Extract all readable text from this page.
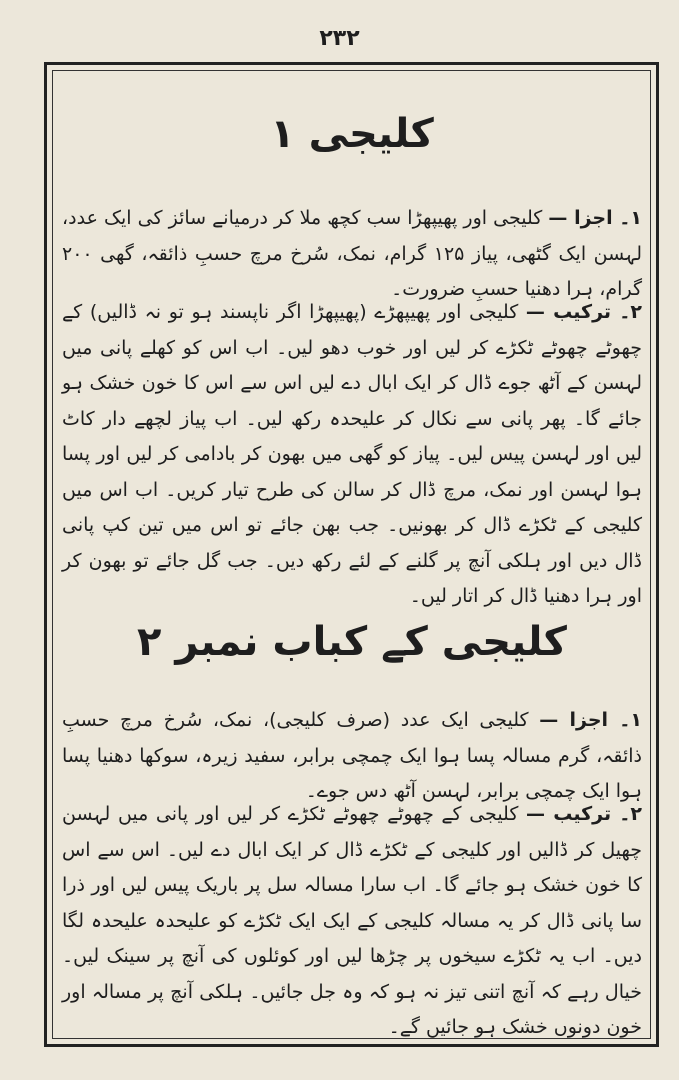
۲۳۲
کلیجی ۱

۱۔ اجزا — کلیجی اور پھیپھڑا سب کچھ ملا کر درمیانے سائز کی ایک عدد، لہسن ایک گٹھی، پیاز ۱۲۵ گرام، نمک، سُرخ مرچ حسبِ ذائقہ، گھی ۲۰۰ گرام، ہرا دھنیا حسبِ ضرورت۔

۲۔ ترکیب — کلیجی اور پھیپھڑے (پھیپھڑا اگر ناپسند ہو تو نہ ڈالیں) کے چھوٹے چھوٹے ٹکڑے کر لیں اور خوب دھو لیں۔ اب اس کو کھلے پانی میں لہسن کے آٹھ جوے ڈال کر ایک ابال دے لیں اس سے اس کا خون خشک ہو جائے گا۔ پھر پانی سے نکال کر علیحدہ رکھ لیں۔ اب پیاز لچھے دار کاٹ لیں اور لہسن پیس لیں۔ پیاز کو گھی میں بھون کر بادامی کر لیں اور پسا ہوا لہسن اور نمک، مرچ ڈال کر سالن کی طرح تیار کریں۔ اب اس میں کلیجی کے ٹکڑے ڈال کر بھونیں۔ جب بھن جائے تو اس میں تین کپ پانی ڈال دیں اور ہلکی آنچ پر گلنے کے لئے رکھ دیں۔ جب گل جائے تو بھون کر اور ہرا دھنیا ڈال کر اتار لیں۔

کلیجی کے کباب نمبر ۲

۱۔ اجزا — کلیجی ایک عدد (صرف کلیجی)، نمک، سُرخ مرچ حسبِ ذائقہ، گرم مسالہ پسا ہوا ایک چمچی برابر، سفید زیرہ، سوکھا دھنیا پسا ہوا ایک چمچی برابر، لہسن آٹھ دس جوے۔

۲۔ ترکیب — کلیجی کے چھوٹے چھوٹے ٹکڑے کر لیں اور پانی میں لہسن چھیل کر ڈالیں اور کلیجی کے ٹکڑے ڈال کر ایک ابال دے لیں۔ اس سے اس کا خون خشک ہو جائے گا۔ اب سارا مسالہ سل پر باریک پیس لیں اور ذرا سا پانی ڈال کر یہ مسالہ کلیجی کے ایک ایک ٹکڑے کو علیحدہ علیحدہ لگا دیں۔ اب یہ ٹکڑے سیخوں پر چڑھا لیں اور کوئلوں کی آنچ پر سینک لیں۔ خیال رہے کہ آنچ اتنی تیز نہ ہو کہ وہ جل جائیں۔ ہلکی آنچ پر مسالہ اور خون دونوں خشک ہو جائیں گے۔
